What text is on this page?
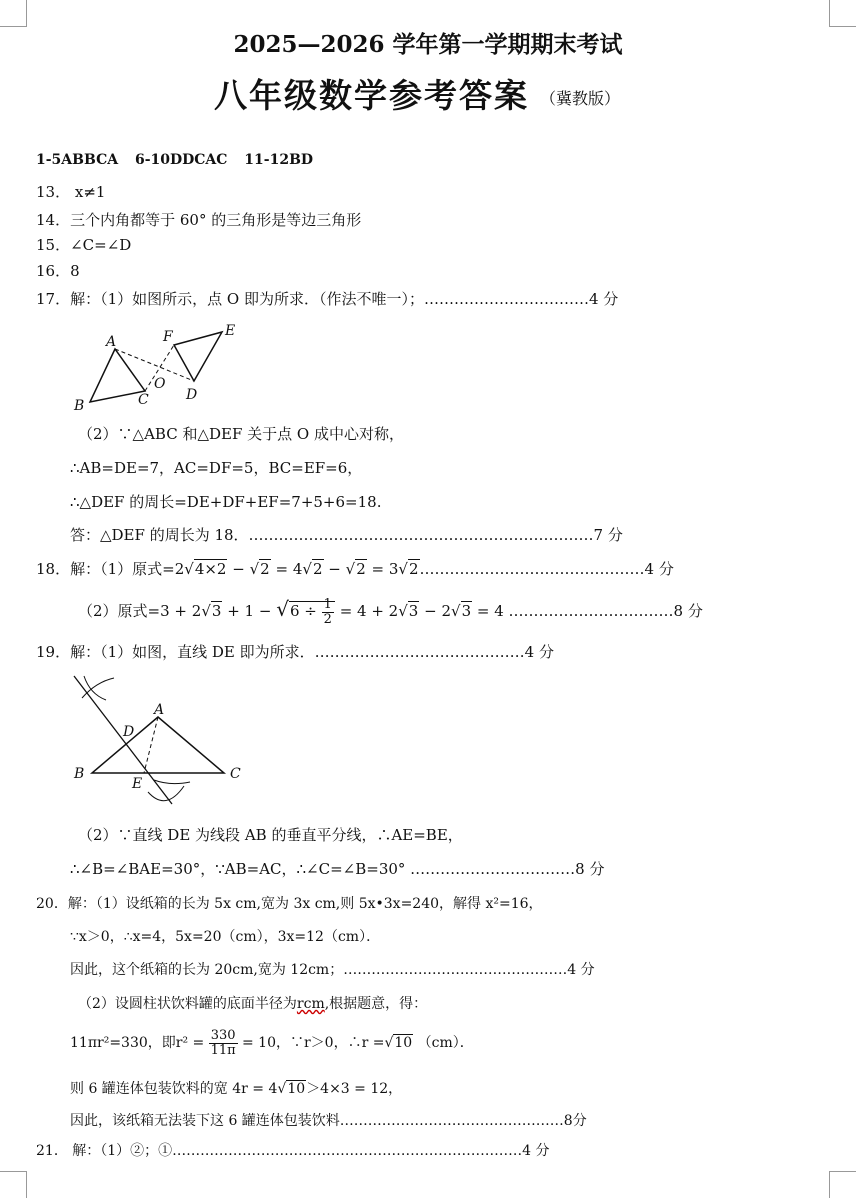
2025—2026 学年第一学期期末考试
八年级数学参考答案 （冀教版）
1-5ABBCA 6-10DDCAC 11-12BD
13． x≠1
14．三个内角都等于 60° 的三角形是等边三角形
15．∠C=∠D
16．8
17．解：（1）如图所示，点 O 即为所求．（作法不唯一）；……………………………4 分
A
B	C
O
F	E
D
（2）∵△ABC 和△DEF 关于点 O 成中心对称，
∴AB=DE=7，AC=DF=5，BC=EF=6，
∴△DEF 的周长=DE+DF+EF=7+5+6=18.
答：△DEF 的周长为 18．……………………………………………………………7 分
18．解：（1）原式=2√4×2 − √2 = 4√2 − √2 = 3√2………………………………………4 分
（2）原式$=3 + 2√3 + 1 - √6 \div \frac{1}{2} = 4 + 2√3 - 2√3 = 4$ ……………………………8 分
19．解：（1）如图，直线 DE 即为所求．……………………………………4 分
A
B	C
D
E
（2）∵直线 DE 为线段 AB 的垂直平分线，∴AE=BE，
∴∠B=∠BAE=30°，∵AB=AC，∴∠C=∠B=30° ……………………………8 分
20．解：（1）设纸箱的长为 5x cm,宽为 3x cm,则 5x•3x=240，解得 x²=16，
∵x＞0，∴x=4，5x=20（cm），3x=12（cm）．
因此，这个纸箱的长为 20cm,宽为 12cm；…………………………………………4 分
（2）设圆柱状饮料罐的底面半径为rcm,根据题意，得：
11πr²=330，即$r^2 = \frac{330}{11\pi} = 10$，∵r＞0，∴r =√10 （cm）．
则 6 罐连体包装饮料的宽 4r = 4√10＞4×3 = 12，
因此，该纸箱无法装下这 6 罐连体包装饮料…………………………………………8分
21． 解：（1）②；①…………………………………………………………………4 分
